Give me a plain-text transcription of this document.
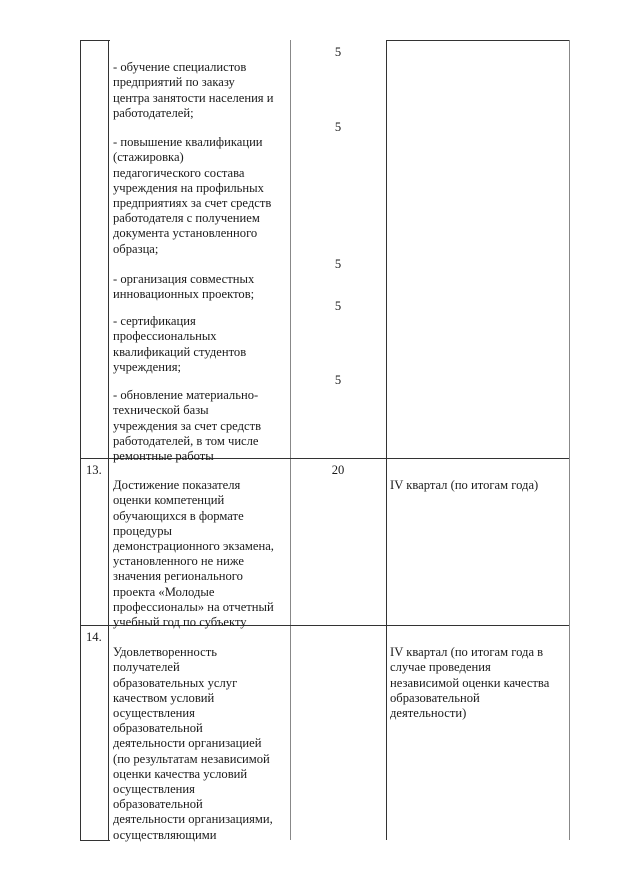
- обучение специалистов
предприятий по заказу
центра занятости населения и
работодателей;

5

- повышение квалификации
(стажировка)
педагогического состава
учреждения на профильных
предприятиях за счет средств
работодателя с получением
документа установленного
образца;

5

- организация совместных
инновационных проектов;

5

- сертификация
профессиональных
квалификаций студентов
учреждения;

5

- обновление материально-
технической базы
учреждения за счет средств
работодателей, в том числе
ремонтные работы

5
13.

Достижение показателя
оценки компетенций
обучающихся в формате
процедуры
демонстрационного экзамена,
установленного не ниже
значения регионального
проекта «Молодые
профессионалы» на отчетный
учебный год по субъекту

20

IV квартал (по итогам года)

14.

Удовлетворенность
получателей
образовательных услуг
качеством условий
осуществления
образовательной
деятельности организацией
(по результатам независимой
оценки качества условий
осуществления
образовательной
деятельности организациями,
осуществляющими

IV квартал (по итогам года в
случае проведения
независимой оценки качества
образовательной
деятельности)
